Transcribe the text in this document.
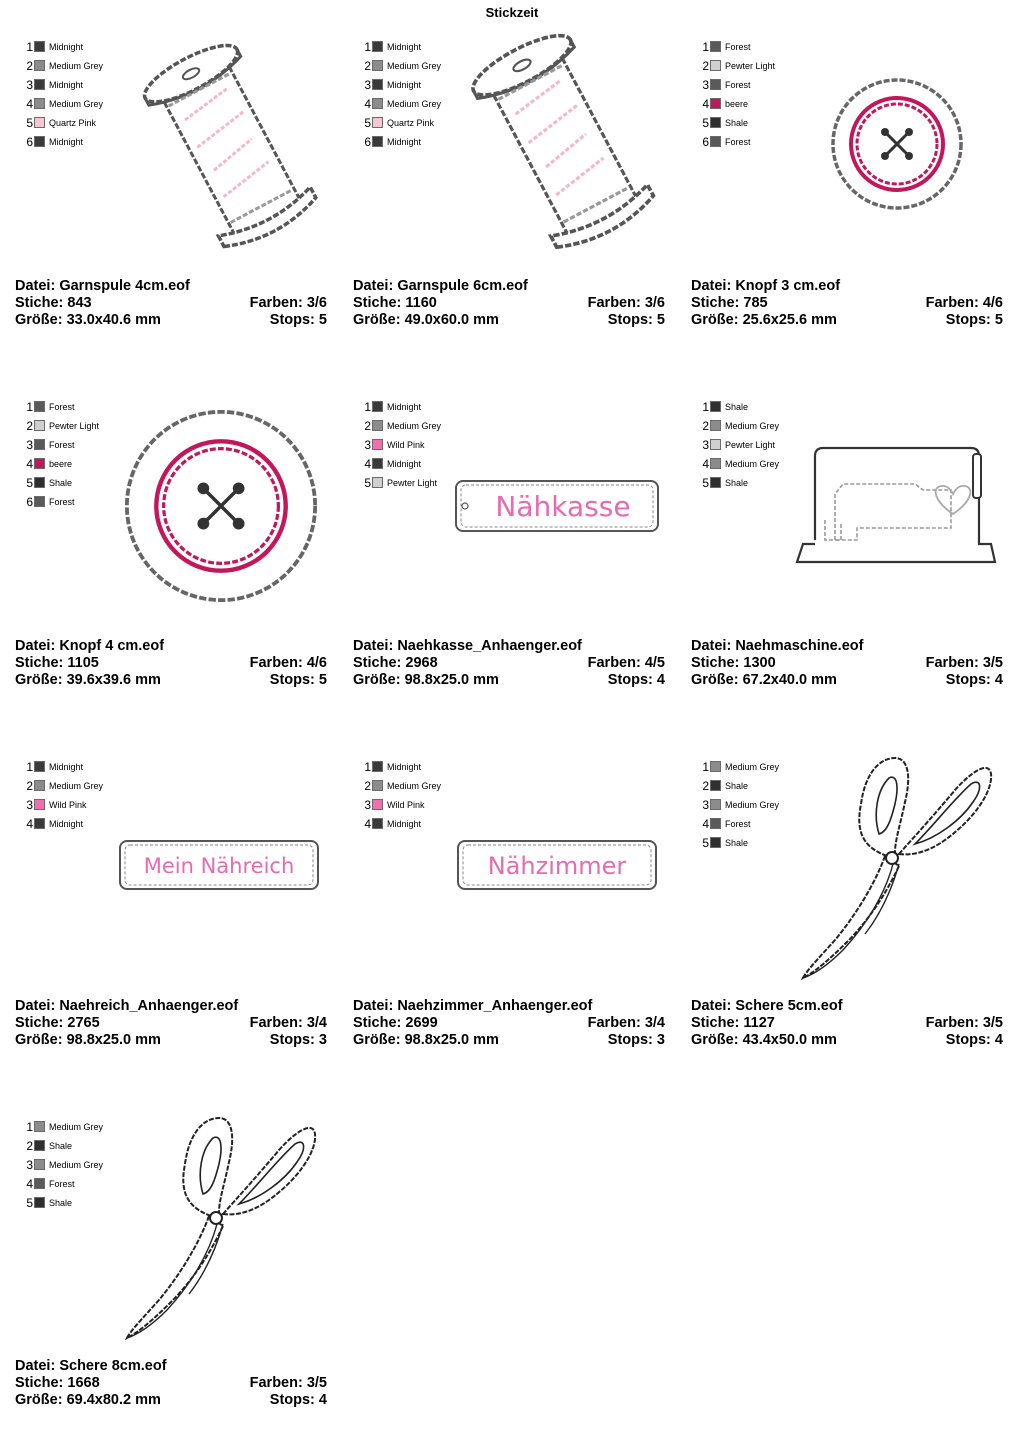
Stickzeit
1 Midnight
2 Medium Grey
3 Midnight
4 Medium Grey
5 Quartz Pink
6 Midnight
Datei: Garnspule 4cm.eof
Stiche: 843	Farben: 3/6
Größe: 33.0x40.6 mm	Stops: 5
1 Midnight
2 Medium Grey
3 Midnight
4 Medium Grey
5 Quartz Pink
6 Midnight
Datei: Garnspule 6cm.eof
Stiche: 1160	Farben: 3/6
Größe: 49.0x60.0 mm	Stops: 5
1 Forest
2 Pewter Light
3 Forest
4 beere
5 Shale
6 Forest
Datei: Knopf 3 cm.eof
Stiche: 785	Farben: 4/6
Größe: 25.6x25.6 mm	Stops: 5
1 Forest
2 Pewter Light
3 Forest
4 beere
5 Shale
6 Forest
Datei: Knopf 4 cm.eof
Stiche: 1105	Farben: 4/6
Größe: 39.6x39.6 mm	Stops: 5
1 Midnight
2 Medium Grey
3 Wild Pink
4 Midnight
5 Pewter Light
Nähkasse
Datei: Naehkasse_Anhaenger.eof
Stiche: 2968	Farben: 4/5
Größe: 98.8x25.0 mm	Stops: 4
1 Shale
2 Medium Grey
3 Pewter Light
4 Medium Grey
5 Shale
Datei: Naehmaschine.eof
Stiche: 1300	Farben: 3/5
Größe: 67.2x40.0 mm	Stops: 4
1 Midnight
2 Medium Grey
3 Wild Pink
4 Midnight
Mein Nähreich
Datei: Naehreich_Anhaenger.eof
Stiche: 2765	Farben: 3/4
Größe: 98.8x25.0 mm	Stops: 3
1 Midnight
2 Medium Grey
3 Wild Pink
4 Midnight
Nähzimmer
Datei: Naehzimmer_Anhaenger.eof
Stiche: 2699	Farben: 3/4
Größe: 98.8x25.0 mm	Stops: 3
1 Medium Grey
2 Shale
3 Medium Grey
4 Forest
5 Shale
Datei: Schere 5cm.eof
Stiche: 1127	Farben: 3/5
Größe: 43.4x50.0 mm	Stops: 4
1 Medium Grey
2 Shale
3 Medium Grey
4 Forest
5 Shale
Datei: Schere 8cm.eof
Stiche: 1668	Farben: 3/5
Größe: 69.4x80.2 mm	Stops: 4
